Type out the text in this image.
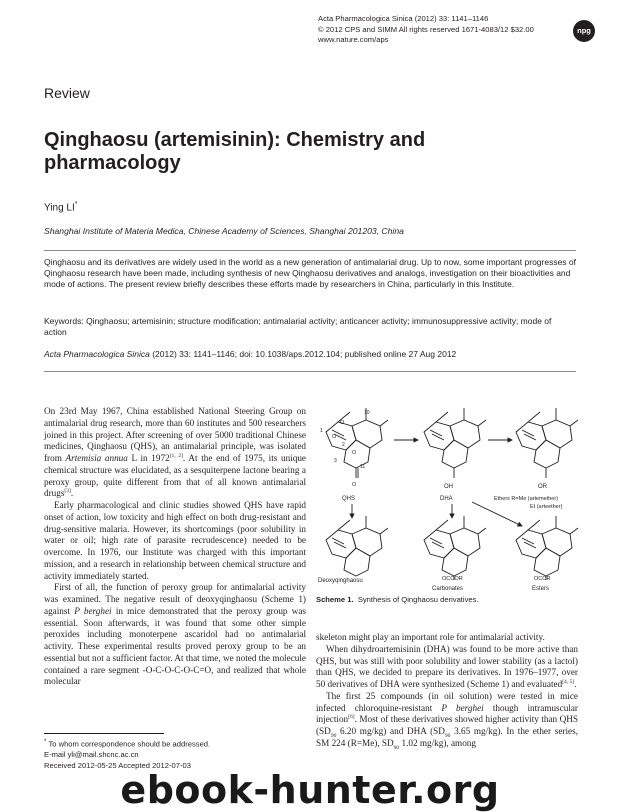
Acta Pharmacologica Sinica (2012) 33: 1141–1146
© 2012 CPS and SIMM All rights reserved 1671-4083/12 $32.00
www.nature.com/aps
npg
Review
Qinghaosu (artemisinin): Chemistry and pharmacology
Ying LI*
Shanghai Institute of Materia Medica, Chinese Academy of Sciences, Shanghai 201203, China
Qinghaosu and its derivatives are widely used in the world as a new generation of antimalarial drug. Up to now, some important progresses of Qinghaosu research have been made, including synthesis of new Qinghaosu derivatives and analogs, investigation on their bioactivities and mode of actions. The present review briefly describes these efforts made by researchers in China, particularly in this Institute.
Keywords: Qinghaosu; artemisinin; structure modification; antimalarial activity; anticancer activity; immunosuppressive activity; mode of action
Acta Pharmacologica Sinica (2012) 33: 1141–1146; doi: 10.1038/aps.2012.104; published online 27 Aug 2012

On 23rd May 1967, China established National Steering Group on antimalarial drug research, more than 60 institutes and 500 researchers joined in this project. After screening of over 5000 traditional Chinese medicines, Qinghaosu (QHS), an antimalarial principle, was isolated from Artemisia annua L in 1972[1, 2]. At the end of 1975, its unique chemical structure was elucidated, as a sesquiterpene lactone bearing a peroxy group, quite different from that of all known antimalarial drugs[3].

Early pharmacological and clinic studies showed QHS have rapid onset of action, low toxicity and high effect on both drug-resistant and drug-sensitive malaria. However, its shortcomings (poor solubility in water or oil; high rate of parasite recrudescence) needed to be overcome. In 1976, our Institute was charged with this important mission, and a research in relationship between chemical structure and activity immediately started.

First of all, the function of peroxy group for antimalarial activity was examined. The negative result of deoxyqinghaosu (Scheme 1) against P berghei in mice demonstrated that the peroxy group was essential. Soon afterwards, it was found that some other simple peroxides including monoterpene ascaridol had no antimalarial activity. These experimental results proved peroxy group to be an essential but not a sufficient factor. At that time, we noted the molecule contained a rare segment -O-C-O-C-O-C=O, and realized that whole molecular

O
O
O
O
10
11
1
2
3
QHS
OH
DHA
OR
Ethers R=Me (artemether)
Et (arteether)
Deoxyqinghaosu	OCOOR
Carbonates
OCOR
Esters
Scheme 1. Synthesis of Qinghaosu derivatives.

skeleton might play an important role for antimalarial activity.

When dihydroartemisinin (DHA) was found to be more active than QHS, but was still with poor solubility and lower stability (as a lactol) than QHS, we decided to prepare its derivatives. In 1976–1977, over 50 derivatives of DHA were synthesized (Scheme 1) and evaluated[4, 5].

The first 25 compounds (in oil solution) were tested in mice infected chloroquine-resistant P berghei though intramuscular injection[6]. Most of these derivatives showed higher activity than QHS ($SD_{90}$ 6.20 mg/kg) and DHA ($SD_{90}$ 3.65 mg/kg). In the ether series, SM 224 (R=Me), $SD_{90}$ 1.02 mg/kg), among

* To whom correspondence should be addressed.
E-mail yli@mail.shcnc.ac.cn
Received 2012-05-25 Accepted 2012-07-03
ebook-hunter.org
